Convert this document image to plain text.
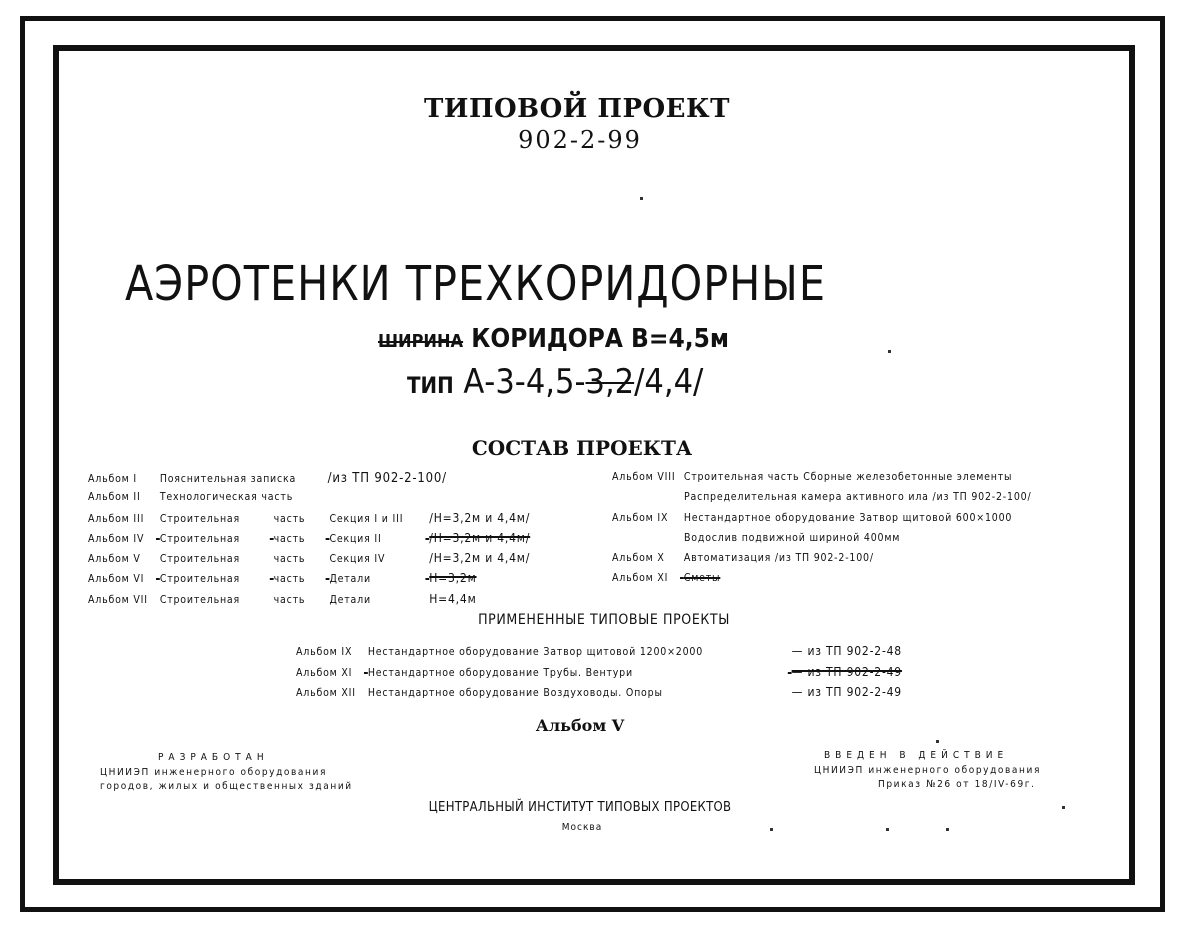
ТИПОВОЙ ПРОЕКТ
902-2-99
АЭРОТЕНКИ ТРЕХКОРИДОРНЫЕ
ШИРИНА КОРИДОРА В=4,5м
ТИП А-3-4,5-3,2/4,4/
СОСТАВ ПРОЕКТА
Альбом I Пояснительная записка /из ТП 902-2-100/
Альбом II Технологическая часть
Альбом III Строительная	часть Секция I и III /Н=3,2м и 4,4м/
Альбом IV Строительная	часть Секция II	/Н=3,2м и 4,4м/
Альбом V Строительная	часть Секция IV	/Н=3,2м и 4,4м/
Альбом VI Строительная	часть Детали	Н=3,2м
Альбом VII Строительная	часть Детали	Н=4,4м
Альбом VIII Строительная часть Сборные железобетонные элементы
Распределительная камера активного ила /из ТП 902-2-100/
Альбом IX Нестандартное оборудование Затвор щитовой 600×1000
Водослив подвижной шириной 400мм
Альбом X Автоматизация /из ТП 902-2-100/
Альбом XI Сметы
ПРИМЕНЕННЫЕ ТИПОВЫЕ ПРОЕКТЫ
Альбом IX Нестандартное оборудование Затвор щитовой 1200×2000	— из ТП 902-2-48
Альбом XI Нестандартное оборудование Трубы. Вентури	— из ТП 902-2-49
Альбом XII Нестандартное оборудование Воздуховоды. Опоры	— из ТП 902-2-49
Альбом V
РАЗРАБОТАН
ЦНИИЭП инженерного оборудования
городов, жилых и общественных зданий
ВВЕДЕН В ДЕЙСТВИЕ
ЦНИИЭП инженерного оборудования
Приказ №26 от 18/IV-69г.
ЦЕНТРАЛЬНЫЙ ИНСТИТУТ ТИПОВЫХ ПРОЕКТОВ
Москва
